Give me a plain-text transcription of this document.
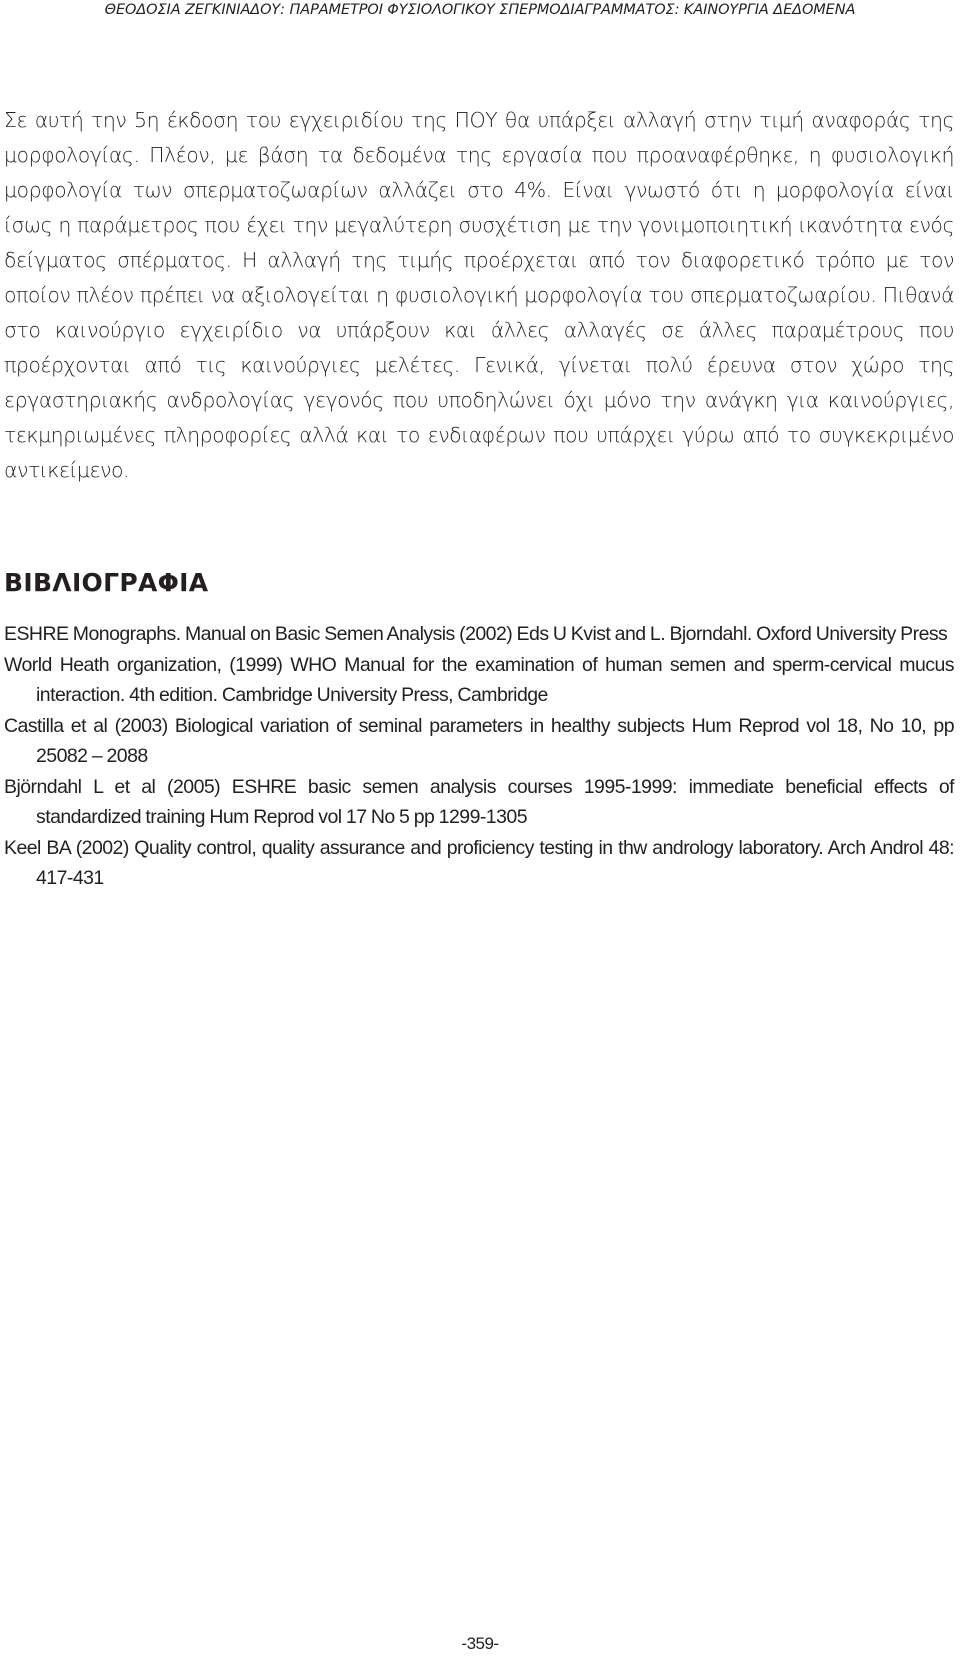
ΘΕΟΔΟΣΙΑ ΖΕΓΚΙΝΙΑΔΟΥ: ΠΑΡΑΜΕΤΡΟΙ ΦΥΣΙΟΛΟΓΙΚΟΥ ΣΠΕΡΜΟΔΙΑΓΡΑΜΜΑΤΟΣ: ΚΑΙΝΟΥΡΓΙΑ ΔΕΔΟΜΕΝΑ

Σε αυτή την 5η έκδοση του εγχειριδίου της ΠΟΥ θα υπάρξει αλλαγή στην τιμή αναφοράς της μορφολογίας. Πλέον, με βάση τα δεδομένα της εργασία που προαναφέρθηκε, η φυσιολογική μορφολογία των σπερματοζωαρίων αλλάζει στο 4%. Είναι γνωστό ότι η μορφολογία είναι ίσως η παράμετρος που έχει την μεγαλύτερη συσχέτιση με την γονιμοποιητική ικανότητα ενός δείγματος σπέρματος. Η αλλαγή της τιμής προέρχεται από τον διαφορετικό τρόπο με τον οποίον πλέον πρέπει να αξιολογείται η φυσιολογική μορφολογία του σπερματοζωαρίου. Πιθανά στο καινούργιο εγχειρίδιο να υπάρξουν και άλλες αλλαγές σε άλλες παραμέτρους που προέρχονται από τις καινούργιες μελέτες. Γενικά, γίνεται πολύ έρευνα στον χώρο της εργαστηριακής ανδρολογίας γεγονός που υποδηλώνει όχι μόνο την ανάγκη για καινούργιες, τεκμηριωμένες πληροφορίες αλλά και το ενδιαφέρων που υπάρχει γύρω από το συγκεκριμένο αντικείμενο.

ΒΙΒΛΙΟΓΡΑΦΙΑ
ESHRE Monographs. Manual on Basic Semen Analysis (2002) Eds U Kvist and L. Bjorndahl. Oxford University Press
World Heath organization, (1999) WHO Manual for the examination of human semen and sperm-cervical mucus interaction. 4th edition. Cambridge University Press, Cambridge
Castilla et al (2003) Biological variation of seminal parameters in healthy subjects Hum Reprod vol 18, No 10, pp 25082 – 2088
Björndahl L et al (2005) ESHRE basic semen analysis courses 1995-1999: immediate beneficial effects of standardized training Hum Reprod vol 17 No 5 pp 1299-1305
Keel BA (2002) Quality control, quality assurance and proficiency testing in thw andrology laboratory. Arch Androl 48: 417-431
-359-
